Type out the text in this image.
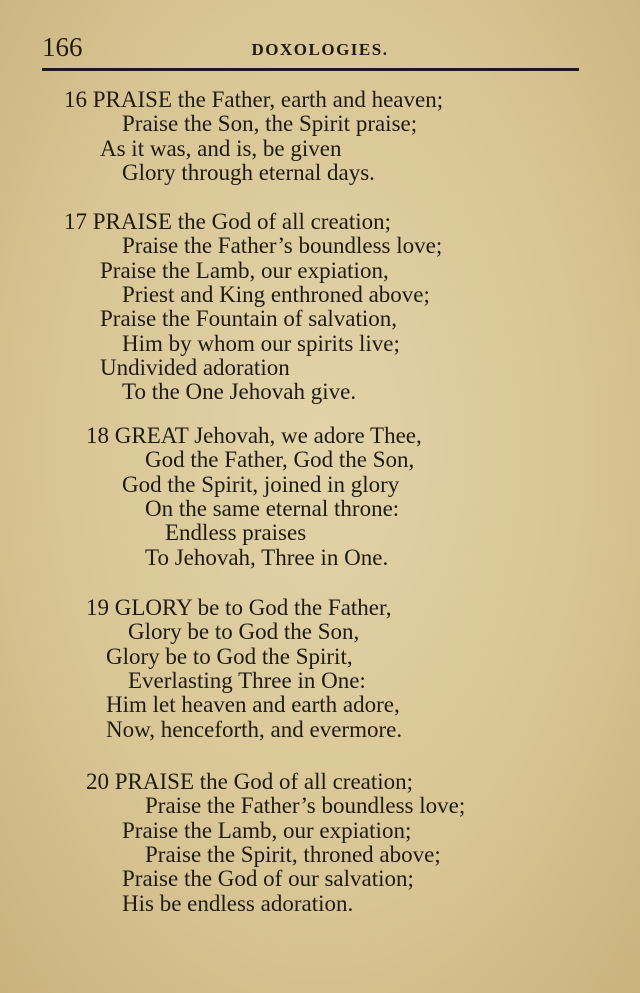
166	DOXOLOGIES.
16 PRAISE the Father, earth and heaven;
Praise the Son, the Spirit praise;
As it was, and is, be given
Glory through eternal days.
17 PRAISE the God of all creation;
Praise the Father’s boundless love;
Praise the Lamb, our expiation,
Priest and King enthroned above;
Praise the Fountain of salvation,
Him by whom our spirits live;
Undivided adoration
To the One Jehovah give.
18 GREAT Jehovah, we adore Thee,
God the Father, God the Son,
God the Spirit, joined in glory
On the same eternal throne:
Endless praises
To Jehovah, Three in One.
19 GLORY be to God the Father,
Glory be to God the Son,
Glory be to God the Spirit,
Everlasting Three in One:
Him let heaven and earth adore,
Now, henceforth, and evermore.
20 PRAISE the God of all creation;
Praise the Father’s boundless love;
Praise the Lamb, our expiation;
Praise the Spirit, throned above;
Praise the God of our salvation;
His be endless adoration.
